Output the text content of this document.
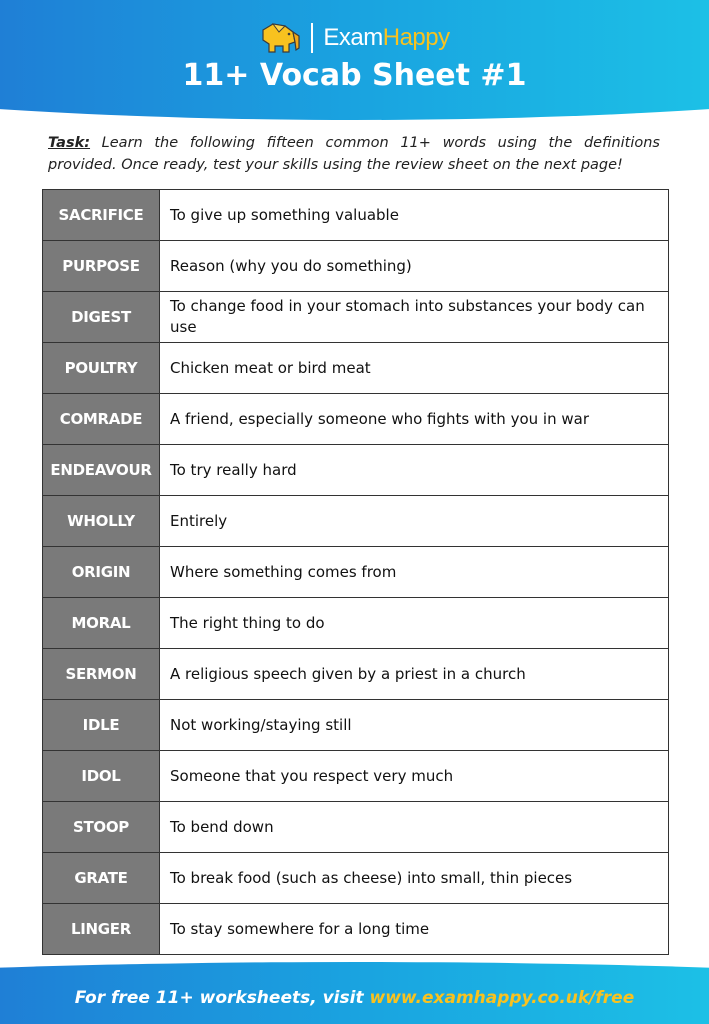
ExamHappy
11+ Vocab Sheet #1
Task: Learn the following fifteen common 11+ words using the definitions provided. Once ready, test your skills using the review sheet on the next page!
SACRIFICE	To give up something valuable
PURPOSE	Reason (why you do something)
DIGEST	To change food in your stomach into substances your body can use
POULTRY	Chicken meat or bird meat
COMRADE	A friend, especially someone who fights with you in war
ENDEAVOUR	To try really hard
WHOLLY	Entirely
ORIGIN	Where something comes from
MORAL	The right thing to do
SERMON	A religious speech given by a priest in a church
IDLE	Not working/staying still
IDOL	Someone that you respect very much
STOOP	To bend down
GRATE	To break food (such as cheese) into small, thin pieces
LINGER	To stay somewhere for a long time
For free 11+ worksheets, visit www.examhappy.co.uk/free
